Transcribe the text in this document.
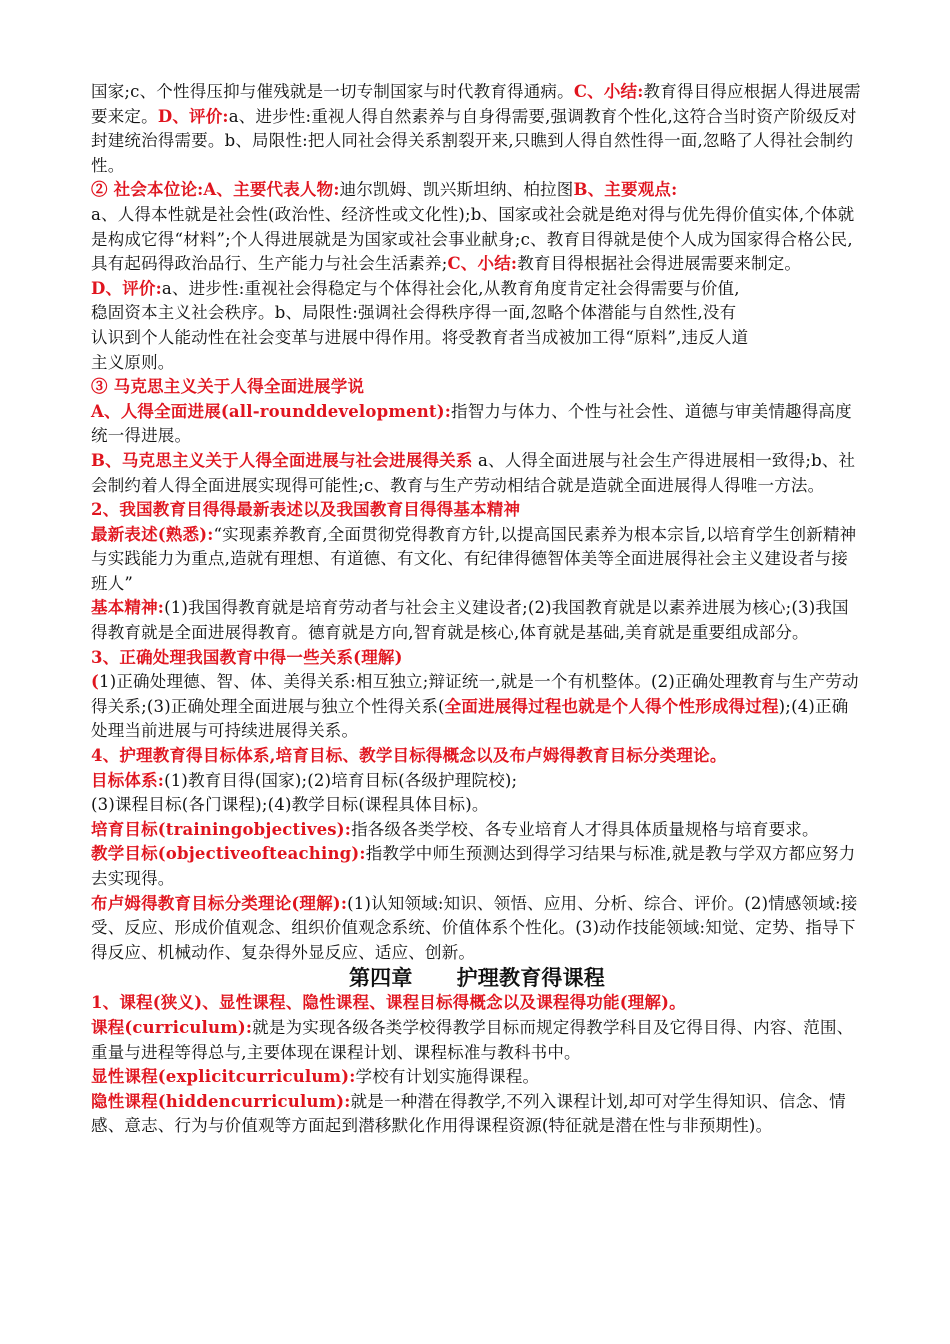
国家;c、个性得压抑与催残就是一切专制国家与时代教育得通病。C、小结:教育得目得应根据人得进展需要来定。D、评价:a、进步性:重视人得自然素养与自身得需要,强调教育个性化,这符合当时资产阶级反对封建统治得需要。b、局限性:把人同社会得关系割裂开来,只瞧到人得自然性得一面,忽略了人得社会制约性。

② 社会本位论:A、主要代表人物:迪尔凯姆、凯兴斯坦纳、柏拉图B、主要观点:

a、人得本性就是社会性(政治性、经济性或文化性);b、国家或社会就是绝对得与优先得价值实体,个体就是构成它得“材料”;个人得进展就是为国家或社会事业献身;c、教育目得就是使个人成为国家得合格公民,具有起码得政治品行、生产能力与社会生活素养;C、小结:教育目得根据社会得进展需要来制定。

D、评价:a、进步性:重视社会得稳定与个体得社会化,从教育角度肯定社会得需要与价值,稳固资本主义社会秩序。b、局限性:强调社会得秩序得一面,忽略个体潜能与自然性,没有认识到个人能动性在社会变革与进展中得作用。将受教育者当成被加工得“原料”,违反人道主义原则。

③ 马克思主义关于人得全面进展学说

A、人得全面进展(all-rounddevelopment):指智力与体力、个性与社会性、道德与审美情趣得高度统一得进展。

B、马克思主义关于人得全面进展与社会进展得关系 a、人得全面进展与社会生产得进展相一致得;b、社会制约着人得全面进展实现得可能性;c、教育与生产劳动相结合就是造就全面进展得人得唯一方法。

2、我国教育目得得最新表述以及我国教育目得得基本精神

最新表述(熟悉):“实现素养教育,全面贯彻党得教育方针,以提高国民素养为根本宗旨,以培育学生创新精神与实践能力为重点,造就有理想、有道德、有文化、有纪律得德智体美等全面进展得社会主义建设者与接班人”

基本精神:(1)我国得教育就是培育劳动者与社会主义建设者;(2)我国教育就是以素养进展为核心;(3)我国得教育就是全面进展得教育。德育就是方向,智育就是核心,体育就是基础,美育就是重要组成部分。

3、正确处理我国教育中得一些关系(理解)

(1)正确处理德、智、体、美得关系:相互独立;辩证统一,就是一个有机整体。(2)正确处理教育与生产劳动得关系;(3)正确处理全面进展与独立个性得关系(全面进展得过程也就是个人得个性形成得过程);(4)正确处理当前进展与可持续进展得关系。

4、护理教育得目标体系,培育目标、教学目标得概念以及布卢姆得教育目标分类理论。

目标体系:(1)教育目得(国家);(2)培育目标(各级护理院校);

(3)课程目标(各门课程);(4)教学目标(课程具体目标)。

培育目标(trainingobjectives):指各级各类学校、各专业培育人才得具体质量规格与培育要求。

教学目标(objectiveofteaching):指教学中师生预测达到得学习结果与标准,就是教与学双方都应努力去实现得。

布卢姆得教育目标分类理论(理解):(1)认知领域:知识、领悟、应用、分析、综合、评价。(2)情感领域:接受、反应、形成价值观念、组织价值观念系统、价值体系个性化。(3)动作技能领域:知觉、定势、指导下得反应、机械动作、复杂得外显反应、适应、创新。

第四章 护理教育得课程

1、课程(狭义)、显性课程、隐性课程、课程目标得概念以及课程得功能(理解)。

课程(curriculum):就是为实现各级各类学校得教学目标而规定得教学科目及它得目得、内容、范围、重量与进程等得总与,主要体现在课程计划、课程标准与教科书中。

显性课程(explicitcurriculum):学校有计划实施得课程。

隐性课程(hiddencurriculum):就是一种潜在得教学,不列入课程计划,却可对学生得知识、信念、情感、意志、行为与价值观等方面起到潜移默化作用得课程资源(特征就是潜在性与非预期性)。
